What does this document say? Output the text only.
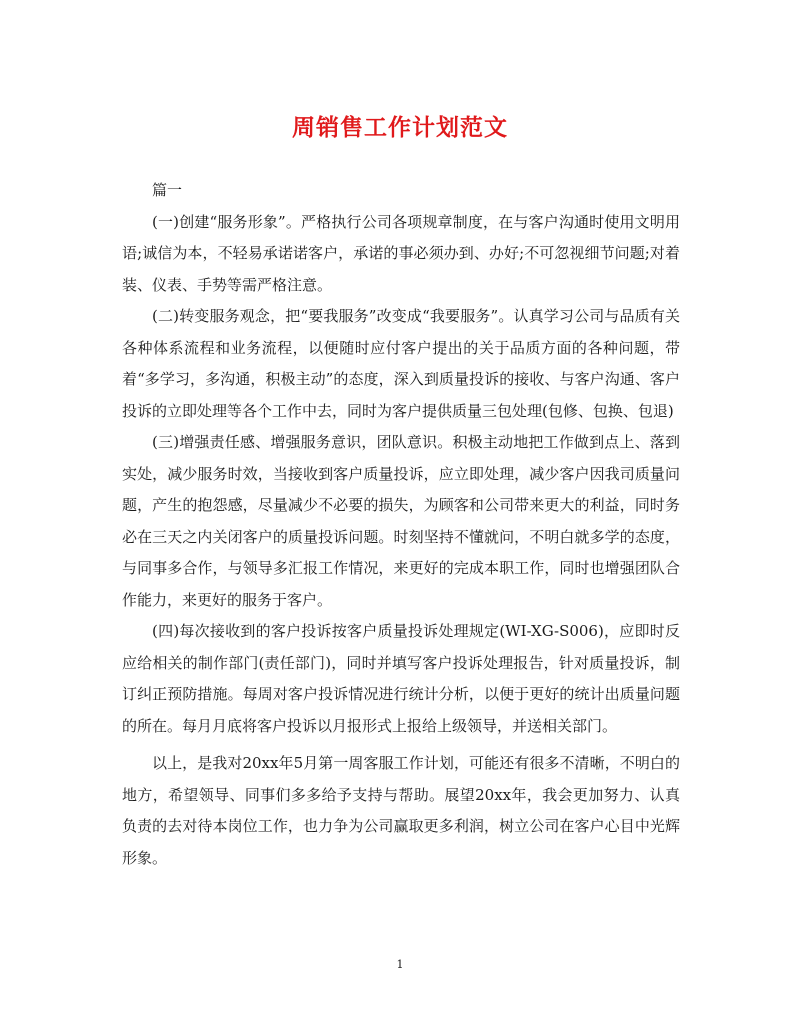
周销售工作计划范文

篇一

(一)创建“服务形象”。严格执行公司各项规章制度，在与客户沟通时使用文明用语;诚信为本，不轻易承诺诺客户，承诺的事必须办到、办好;不可忽视细节问题;对着装、仪表、手势等需严格注意。

(二)转变服务观念，把“要我服务”改变成“我要服务”。认真学习公司与品质有关各种体系流程和业务流程，以便随时应付客户提出的关于品质方面的各种问题，带着“多学习，多沟通，积极主动”的态度，深入到质量投诉的接收、与客户沟通、客户投诉的立即处理等各个工作中去，同时为客户提供质量三包处理(包修、包换、包退)

(三)增强责任感、增强服务意识，团队意识。积极主动地把工作做到点上、落到实处，减少服务时效，当接收到客户质量投诉，应立即处理，减少客户因我司质量问题，产生的抱怨感，尽量减少不必要的损失，为顾客和公司带来更大的利益，同时务必在三天之内关闭客户的质量投诉问题。时刻坚持不懂就问，不明白就多学的态度，与同事多合作，与领导多汇报工作情况，来更好的完成本职工作，同时也增强团队合作能力，来更好的服务于客户。

(四)每次接收到的客户投诉按客户质量投诉处理规定(WI-XG-S006)，应即时反应给相关的制作部门(责任部门)，同时并填写客户投诉处理报告，针对质量投诉，制订纠正预防措施。每周对客户投诉情况进行统计分析，以便于更好的统计出质量问题的所在。每月月底将客户投诉以月报形式上报给上级领导，并送相关部门。

以上，是我对20xx年5月第一周客服工作计划，可能还有很多不清晰，不明白的地方，希望领导、同事们多多给予支持与帮助。展望20xx年，我会更加努力、认真负责的去对待本岗位工作，也力争为公司赢取更多利润，树立公司在客户心目中光辉形象。

1
